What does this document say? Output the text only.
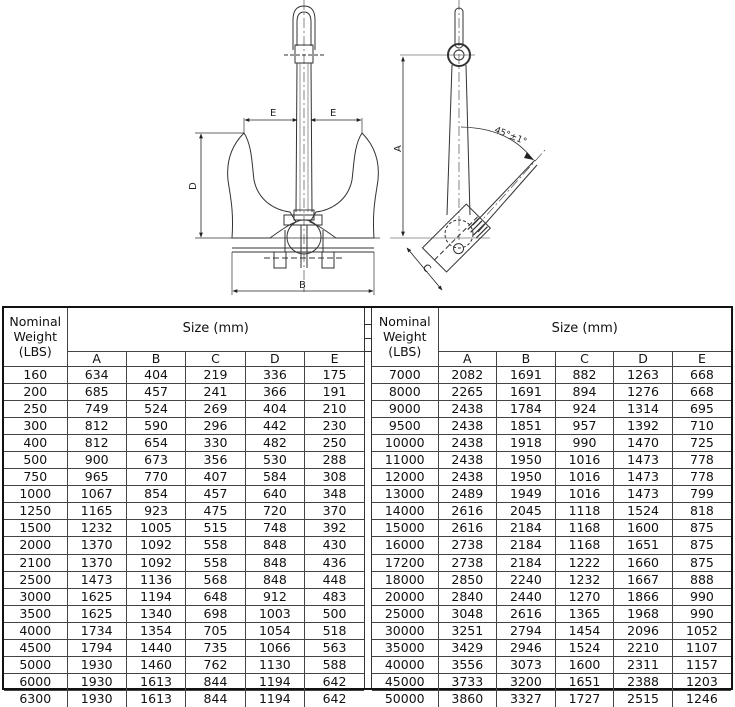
E	E
D
B
A
C
45°±1°
Nominal
Weight
(LBS)	Size (mm)				
	A	B	C	D	E
160	634	404	219	336	175
200	685	457	241	366	191
250	749	524	269	404	210
300	812	590	296	442	230
400	812	654	330	482	250
500	900	673	356	530	288
750	965	770	407	584	308
1000	1067	854	457	640	348
1250	1165	923	475	720	370
1500	1232	1005	515	748	392
2000	1370	1092	558	848	430
2100	1370	1092	558	848	436
2500	1473	1136	568	848	448
3000	1625	1194	648	912	483
3500	1625	1340	698	1003	500
4000	1734	1354	705	1054	518
4500	1794	1440	735	1066	563
5000	1930	1460	762	1130	588
6000	1930	1613	844	1194	642
6300	1930	1613	844	1194	642
Nominal
Weight
(LBS)	Size (mm)				
	A	B	C	D	E
7000	2082	1691	882	1263	668
8000	2265	1691	894	1276	668
9000	2438	1784	924	1314	695
9500	2438	1851	957	1392	710
10000	2438	1918	990	1470	725
11000	2438	1950	1016	1473	778
12000	2438	1950	1016	1473	778
13000	2489	1949	1016	1473	799
14000	2616	2045	1118	1524	818
15000	2616	2184	1168	1600	875
16000	2738	2184	1168	1651	875
17200	2738	2184	1222	1660	875
18000	2850	2240	1232	1667	888
20000	2840	2440	1270	1866	990
25000	3048	2616	1365	1968	990
30000	3251	2794	1454	2096	1052
35000	3429	2946	1524	2210	1107
40000	3556	3073	1600	2311	1157
45000	3733	3200	1651	2388	1203
50000	3860	3327	1727	2515	1246
